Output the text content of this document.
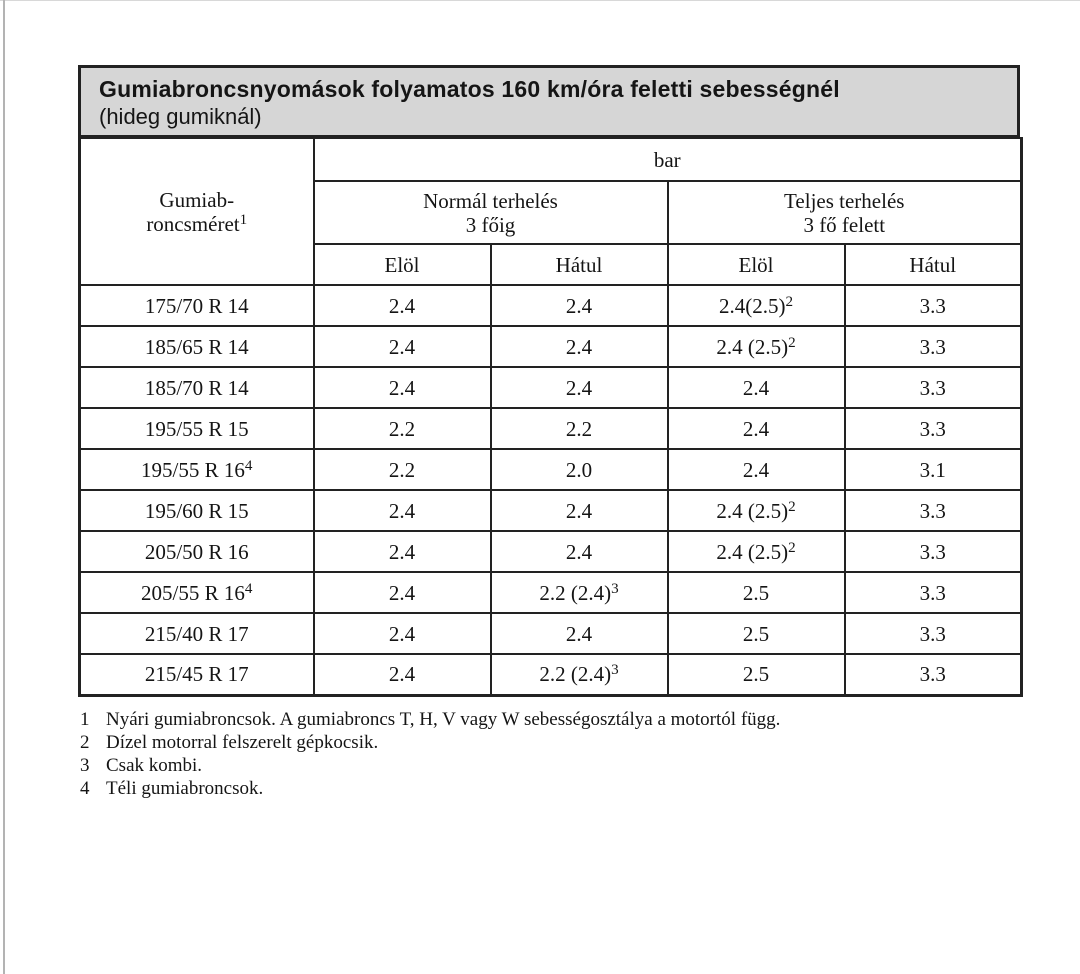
Gumiabroncsnyomások folyamatos 160 km/óra feletti sebességnél
(hideg gumiknál)
Gumiab-
roncsméret$^1$	bar			
	Normál terhelés
3 főig		Teljes terhelés
3 fő felett	
	Elöl	Hátul	Elöl	Hátul
175/70 R 14	2.4	2.4	$2.4(2.5)^2$	3.3
185/65 R 14	2.4	2.4	2.4 $(2.5)^2$	3.3
185/70 R 14	2.4	2.4	2.4	3.3
195/55 R 15	2.2	2.2	2.4	3.3
195/55 R $16^4$	2.2	2.0	2.4	3.1
195/60 R 15	2.4	2.4	2.4 $(2.5)^2$	3.3
205/50 R 16	2.4	2.4	2.4 $(2.5)^2$	3.3
205/55 R $16^4$	2.4	2.2 $(2.4)^3$	2.5	3.3
215/40 R 17	2.4	2.4	2.5	3.3
215/45 R 17	2.4	2.2 $(2.4)^3$	2.5	3.3
1 Nyári gumiabroncsok. A gumiabroncs T, H, V vagy W sebességosztálya a motortól függ.
2 Dízel motorral felszerelt gépkocsik.
3 Csak kombi.
4 Téli gumiabroncsok.
